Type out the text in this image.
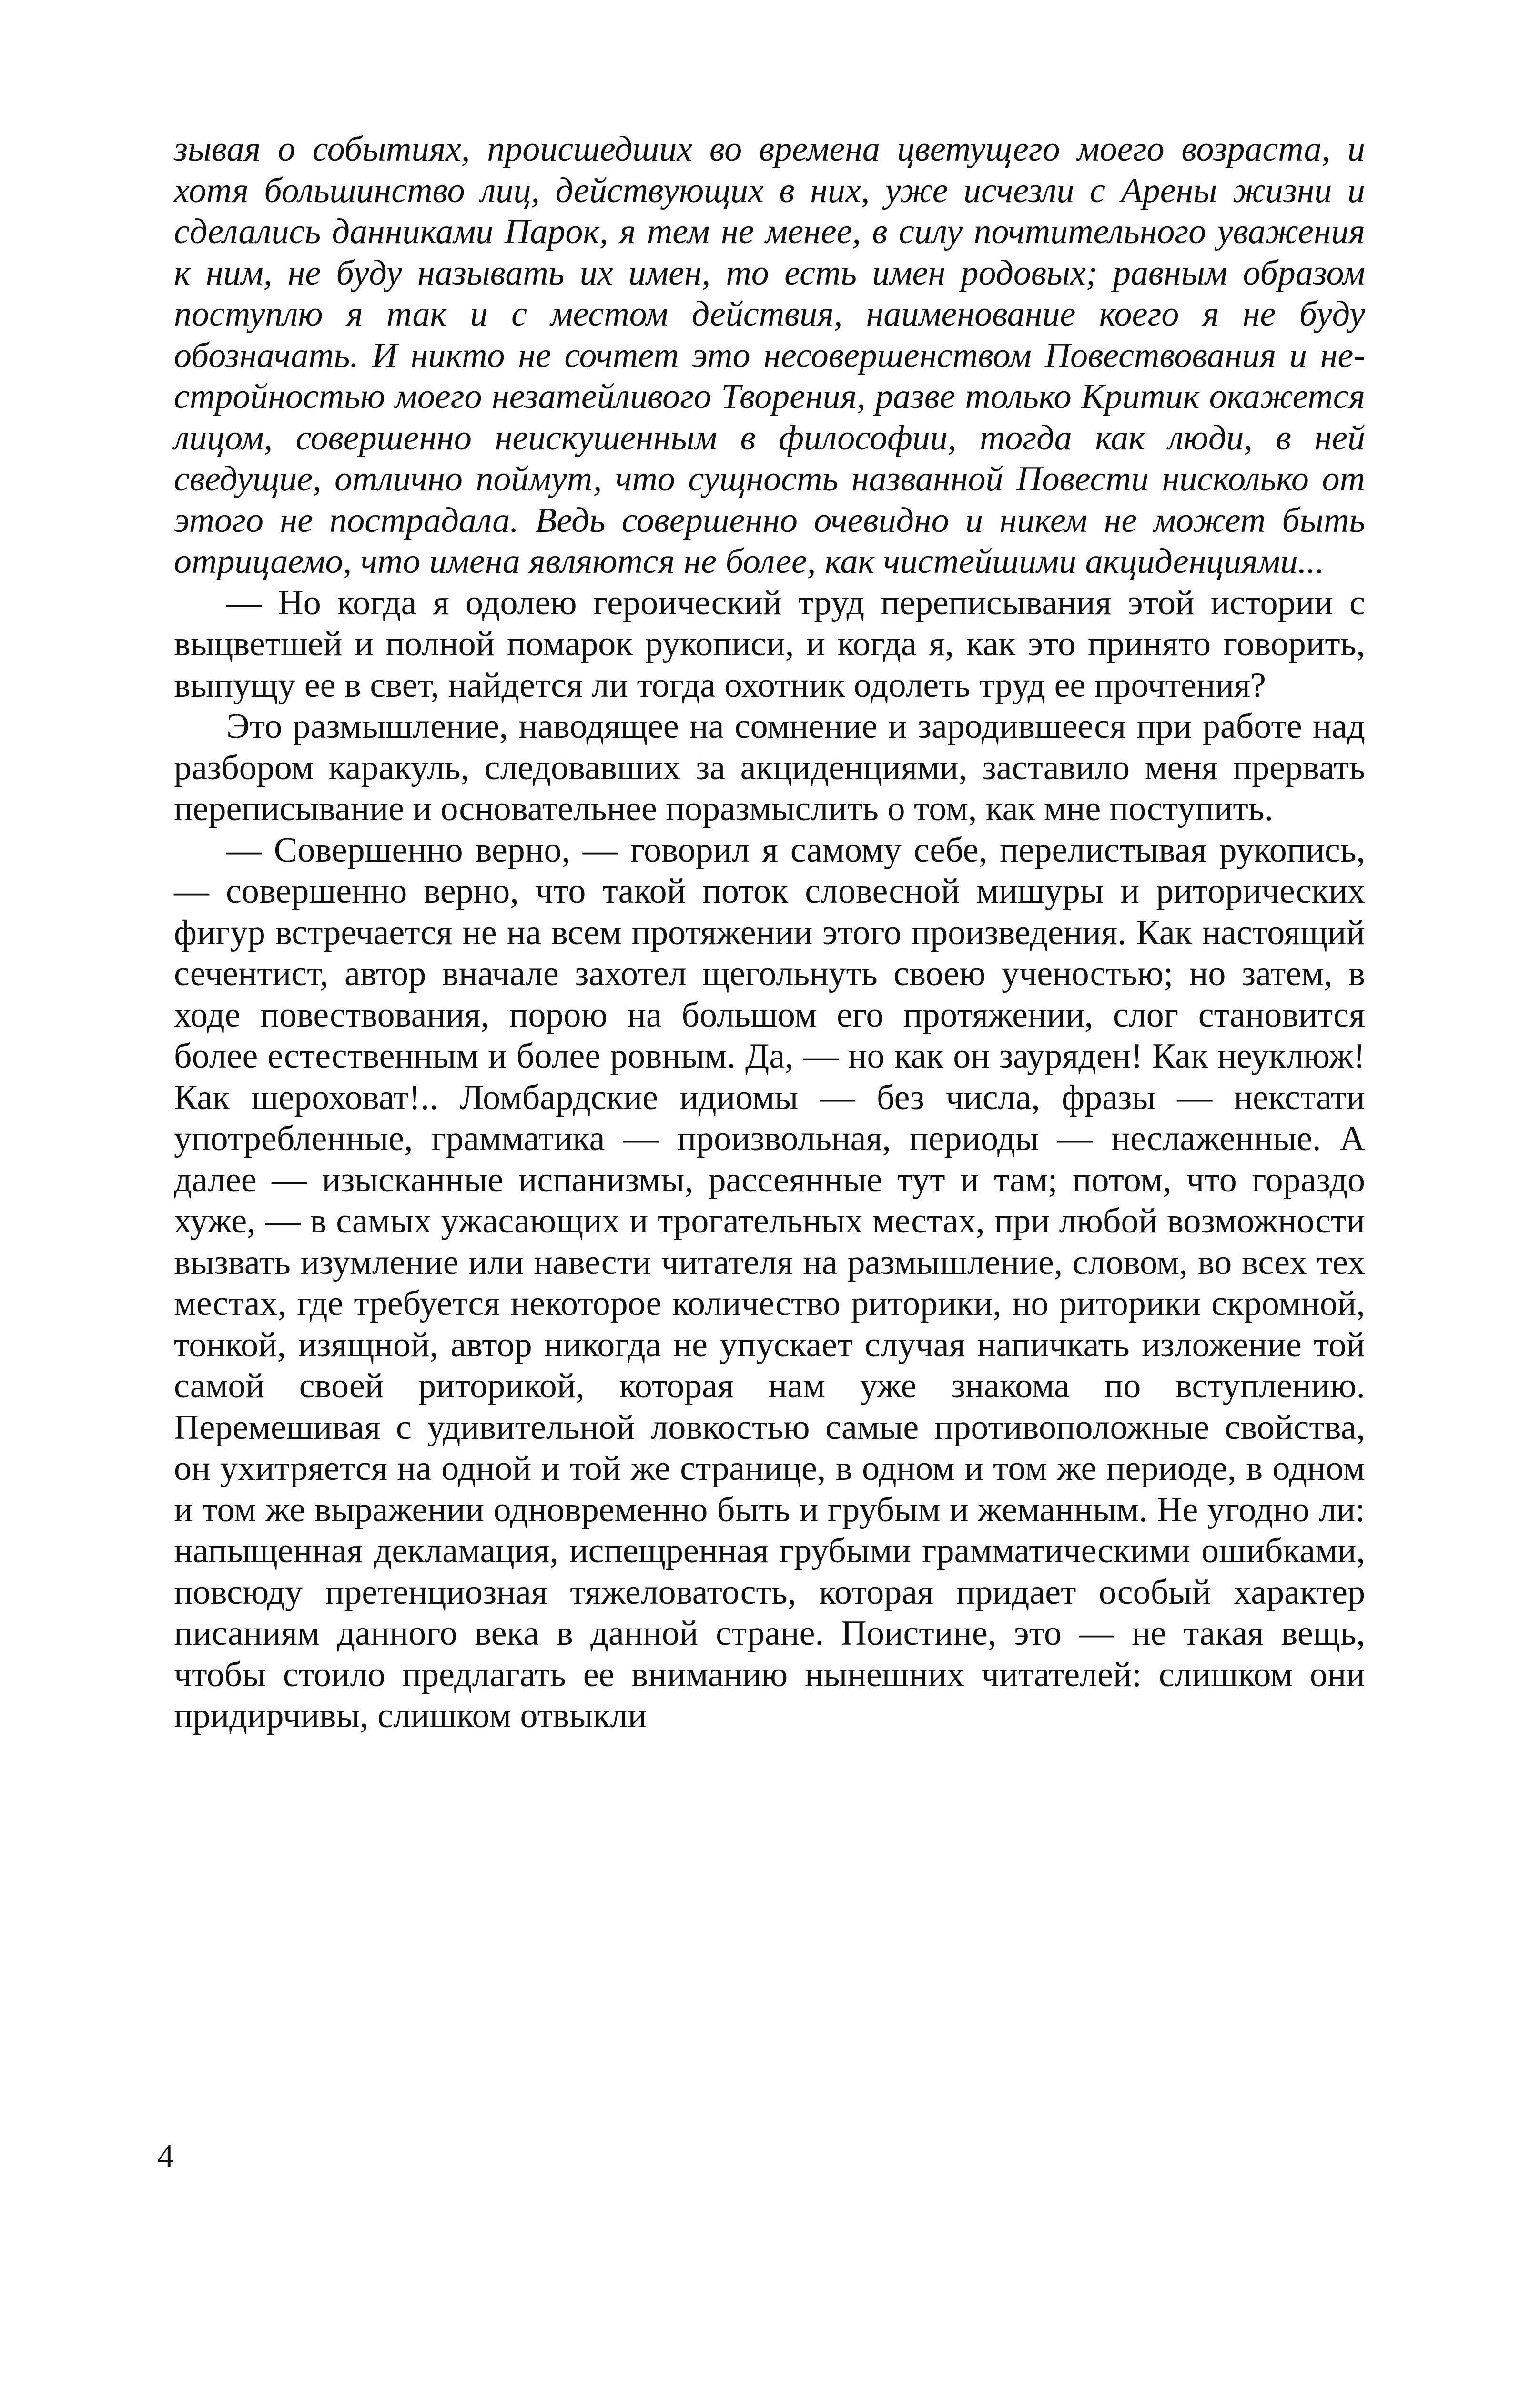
зывая о событиях, происшедших во времена цветущего моего возраста, и хотя большинство лиц, действующих в них, уже исчезли с Арены жизни и сделались данниками Парок, я тем не менее, в силу почтительного уважения к ним, не буду называть их имен, то есть имен родовых; равным образом поступлю я так и с местом действия, наименование коего я не буду обозначать. И никто не сочтет это несовершенством Повествования и нестройностью моего незатейливого Творения, разве только Критик окажется лицом, совершенно неискушенным в философии, тогда как люди, в ней сведущие, отлично поймут, что сущность названной Повести нисколько от этого не пострадала. Ведь совершенно очевидно и никем не может быть отрицаемо, что имена являются не более, как чистейшими акциденциями...

— Но когда я одолею героический труд переписывания этой истории с выцветшей и полной помарок рукописи, и когда я, как это принято говорить, выпущу ее в свет, найдется ли тогда охотник одолеть труд ее прочтения?

Это размышление, наводящее на сомнение и зародившееся при работе над разбором каракуль, следовавших за акциденциями, заставило меня прервать переписывание и основательнее поразмыслить о том, как мне поступить.

— Совершенно верно, — говорил я самому себе, перелистывая рукопись, — совершенно верно, что такой поток словесной мишуры и риторических фигур встречается не на всем протяжении этого произведения. Как настоящий сечентист, автор вначале захотел щегольнуть своею ученостью; но затем, в ходе повествования, порою на большом его протяжении, слог становится более естественным и более ровным. Да, — но как он зауряден! Как неуклюж! Как шероховат!.. Ломбардские идиомы — без числа, фразы — некстати употребленные, грамматика — произвольная, периоды — неслаженные. А далее — изысканные испанизмы, рассеянные тут и там; потом, что гораздо хуже, — в самых ужасающих и трогательных местах, при любой возможности вызвать изумление или навести читателя на размышление, словом, во всех тех местах, где требуется некоторое количество риторики, но риторики скромной, тонкой, изящной, автор никогда не упускает случая напичкать изложение той самой своей риторикой, которая нам уже знакома по вступлению. Перемешивая с удивительной ловкостью самые противоположные свойства, он ухитряется на одной и той же странице, в одном и том же периоде, в одном и том же выражении одновременно быть и грубым и жеманным. Не угодно ли: напыщенная декламация, испещренная грубыми грамматическими ошибками, повсюду претенциозная тяжеловатость, которая придает особый характер писаниям данного века в данной стране. Поистине, это — не такая вещь, чтобы стоило предлагать ее вниманию нынешних читателей: слишком они придирчивы, слишком отвыкли

4
